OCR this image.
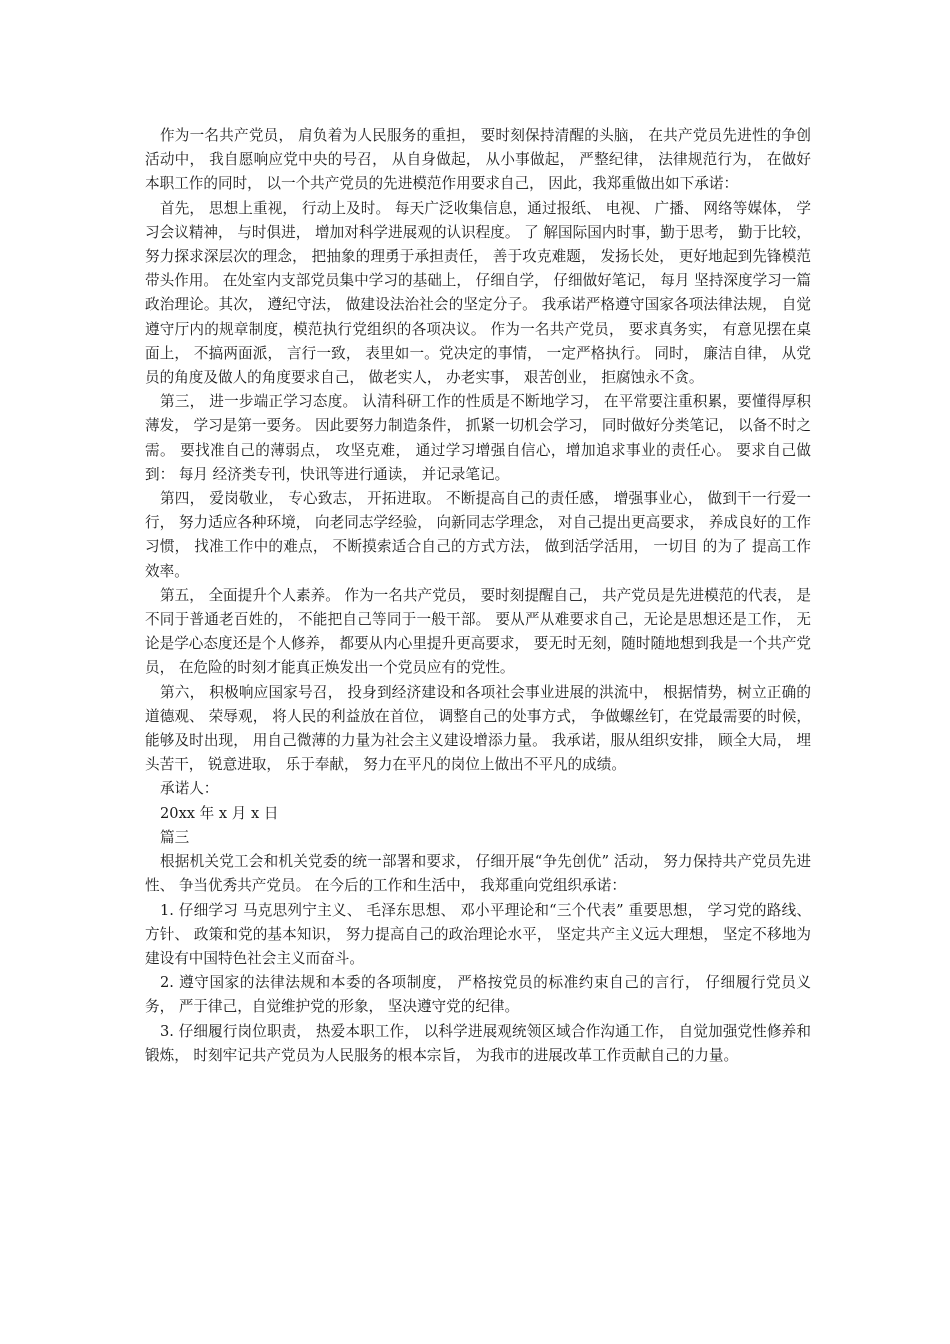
作为一名共产党员， 肩负着为人民服务的重担， 要时刻保持清醒的头脑， 在共产党员先进性的争创活动中， 我自愿响应党中央的号召， 从自身做起， 从小事做起， 严整纪律， 法律规范行为， 在做好本职工作的同时， 以一个共产党员的先进模范作用要求自己， 因此，我郑重做出如下承诺：

首先， 思想上重视， 行动上及时。 每天广泛收集信息，通过报纸、 电视、 广播、 网络等媒体， 学习会议精神， 与时俱进， 增加对科学进展观的认识程度。 了 解国际国内时事，勤于思考， 勤于比较， 努力探求深层次的理念， 把抽象的理勇于承担责任， 善于攻克难题， 发扬长处， 更好地起到先锋模范带头作用。 在处室内支部党员集中学习的基础上， 仔细自学， 仔细做好笔记， 每月 坚持深度学习一篇政治理论。其次， 遵纪守法， 做建设法治社会的坚定分子。 我承诺严格遵守国家各项法律法规， 自觉遵守厅内的规章制度，模范执行党组织的各项决议。 作为一名共产党员， 要求真务实， 有意见摆在桌面上， 不搞两面派， 言行一致， 表里如一。党决定的事情， 一定严格执行。 同时， 廉洁自律， 从党员的角度及做人的角度要求自己， 做老实人， 办老实事， 艰苦创业， 拒腐蚀永不贪。

第三， 进一步端正学习态度。 认清科研工作的性质是不断地学习， 在平常要注重积累，要懂得厚积薄发， 学习是第一要务。 因此要努力制造条件， 抓紧一切机会学习， 同时做好分类笔记， 以备不时之需。 要找准自己的薄弱点， 攻坚克难， 通过学习增强自信心，增加追求事业的责任心。 要求自己做到： 每月 经济类专刊，快讯等进行通读， 并记录笔记。

第四， 爱岗敬业， 专心致志， 开拓进取。 不断提高自己的责任感， 增强事业心， 做到干一行爱一行， 努力适应各种环境， 向老同志学经验， 向新同志学理念， 对自己提出更高要求， 养成良好的工作习惯， 找准工作中的难点， 不断摸索适合自己的方式方法， 做到活学活用， 一切目 的为了 提高工作效率。

第五， 全面提升个人素养。 作为一名共产党员， 要时刻提醒自己， 共产党员是先进模范的代表， 是不同于普通老百姓的， 不能把自己等同于一般干部。 要从严从难要求自己，无论是思想还是工作， 无论是学心态度还是个人修养， 都要从内心里提升更高要求， 要无时无刻，随时随地想到我是一个共产党员， 在危险的时刻才能真正焕发出一个党员应有的党性。

第六， 积极响应国家号召， 投身到经济建设和各项社会事业进展的洪流中， 根据情势，树立正确的道德观、 荣辱观， 将人民的利益放在首位， 调整自己的处事方式， 争做螺丝钉，在党最需要的时候， 能够及时出现， 用自己微薄的力量为社会主义建设增添力量。 我承诺，服从组织安排， 顾全大局， 埋头苦干， 锐意进取， 乐于奉献， 努力在平凡的岗位上做出不平凡的成绩。

承诺人：

20xx 年 x 月 x 日

篇三

根据机关党工会和机关党委的统一部署和要求， 仔细开展“争先创优” 活动， 努力保持共产党员先进性、 争当优秀共产党员。 在今后的工作和生活中， 我郑重向党组织承诺：

1. 仔细学习 马克思列宁主义、 毛泽东思想、 邓小平理论和“三个代表” 重要思想， 学习党的路线、 方针、 政策和党的基本知识， 努力提高自己的政治理论水平， 坚定共产主义远大理想， 坚定不移地为建设有中国特色社会主义而奋斗。

2. 遵守国家的法律法规和本委的各项制度， 严格按党员的标准约束自己的言行， 仔细履行党员义务， 严于律己，自觉维护党的形象， 坚决遵守党的纪律。

3. 仔细履行岗位职责， 热爱本职工作， 以科学进展观统领区域合作沟通工作， 自觉加强党性修养和锻炼， 时刻牢记共产党员为人民服务的根本宗旨， 为我市的进展改革工作贡献自己的力量。
